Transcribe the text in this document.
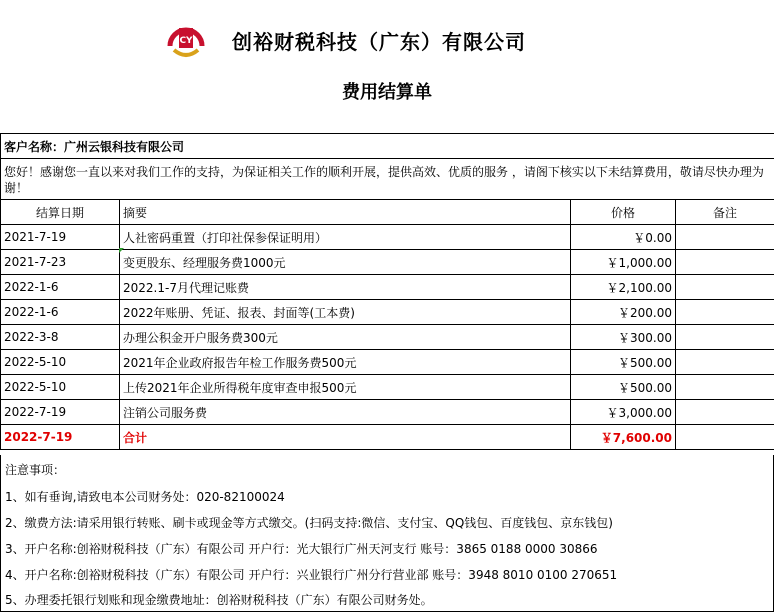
CY 创裕财税科技（广东）有限公司
费用结算单
客户名称：广州云银科技有限公司			
您好！感谢您一直以来对我们工作的支持，为保证相关工作的顺利开展，提供高效、优质的服务 ，请阁下核实以下未结算费用，敬请尽快办理为谢！			
结算日期	摘要	价格	备注
2021-7-19	人社密码重置（打印社保参保证明用）	￥0.00	
2021-7-23	变更股东、经理服务费1000元	￥1,000.00	
2022-1-6	2022.1-7月代理记账费	￥2,100.00	
2022-1-6	2022年账册、凭证、报表、封面等(工本费)	￥200.00	
2022-3-8	办理公积金开户服务费300元	￥300.00	
2022-5-10	2021年企业政府报告年检工作服务费500元	￥500.00	
2022-5-10	上传2021年企业所得税年度审查申报500元	￥500.00	
2022-7-19	注销公司服务费	￥3,000.00	
2022-7-19	合计	￥7,600.00	
注意事项：
1、如有垂询,请致电本公司财务处：020-82100024
2、缴费方法:请采用银行转账、刷卡或现金等方式缴交。(扫码支持:微信、支付宝、QQ钱包、百度钱包、京东钱包)
3、开户名称:创裕财税科技（广东）有限公司 开户行：光大银行广州天河支行 账号：3865 0188 0000 30866
4、开户名称:创裕财税科技（广东）有限公司 开户行：兴业银行广州分行营业部 账号：3948 8010 0100 270651
5、办理委托银行划账和现金缴费地址：创裕财税科技（广东）有限公司财务处。
